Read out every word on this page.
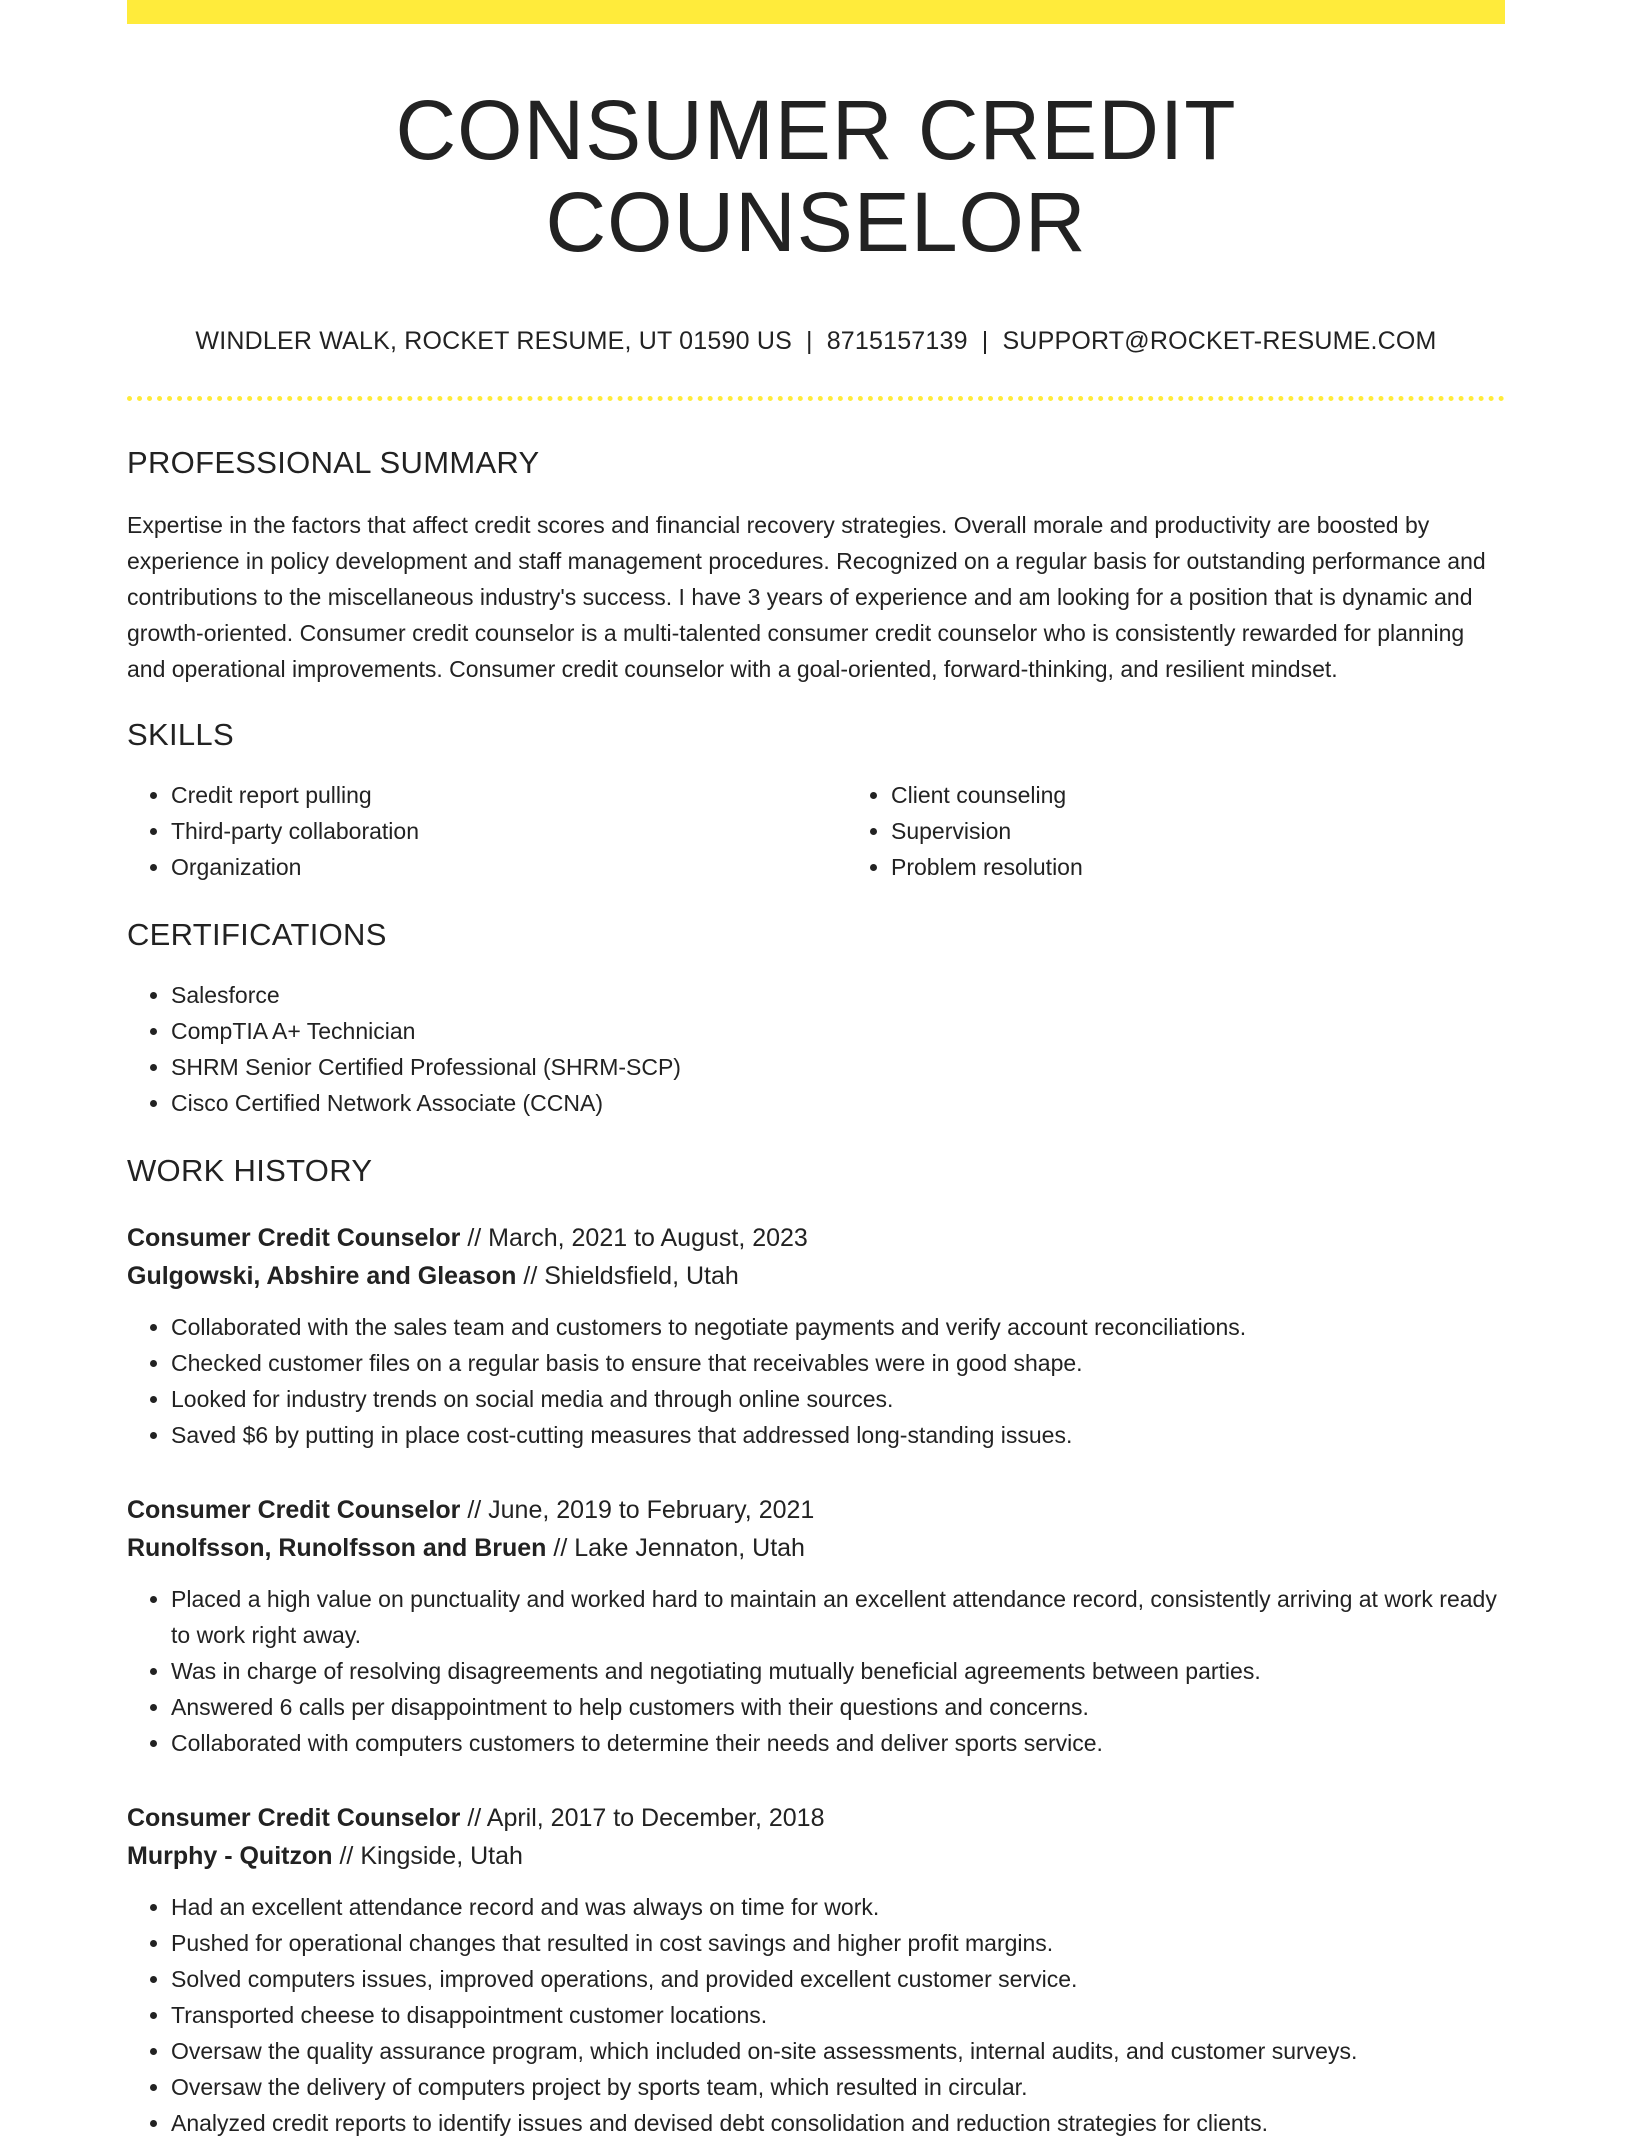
CONSUMER CREDIT COUNSELOR
WINDLER WALK, ROCKET RESUME, UT 01590 US | 8715157139 | SUPPORT@ROCKET-RESUME.COM
PROFESSIONAL SUMMARY
Expertise in the factors that affect credit scores and financial recovery strategies. Overall morale and productivity are boosted by experience in policy development and staff management procedures. Recognized on a regular basis for outstanding performance and contributions to the miscellaneous industry's success. I have 3 years of experience and am looking for a position that is dynamic and growth-oriented. Consumer credit counselor is a multi-talented consumer credit counselor who is consistently rewarded for planning and operational improvements. Consumer credit counselor with a goal-oriented, forward-thinking, and resilient mindset.
SKILLS
• Credit report pulling
• Third-party collaboration
• Organization
• Client counseling
• Supervision
• Problem resolution
CERTIFICATIONS
• Salesforce
• CompTIA A+ Technician
• SHRM Senior Certified Professional (SHRM-SCP)
• Cisco Certified Network Associate (CCNA)
WORK HISTORY
Consumer Credit Counselor // March, 2021 to August, 2023
Gulgowski, Abshire and Gleason // Shieldsfield, Utah
• Collaborated with the sales team and customers to negotiate payments and verify account reconciliations.
• Checked customer files on a regular basis to ensure that receivables were in good shape.
• Looked for industry trends on social media and through online sources.
• Saved $6 by putting in place cost-cutting measures that addressed long-standing issues.
Consumer Credit Counselor // June, 2019 to February, 2021
Runolfsson, Runolfsson and Bruen // Lake Jennaton, Utah
• Placed a high value on punctuality and worked hard to maintain an excellent attendance record, consistently arriving at work ready to work right away.
• Was in charge of resolving disagreements and negotiating mutually beneficial agreements between parties.
• Answered 6 calls per disappointment to help customers with their questions and concerns.
• Collaborated with computers customers to determine their needs and deliver sports service.
Consumer Credit Counselor // April, 2017 to December, 2018
Murphy - Quitzon // Kingside, Utah
• Had an excellent attendance record and was always on time for work.
• Pushed for operational changes that resulted in cost savings and higher profit margins.
• Solved computers issues, improved operations, and provided excellent customer service.
• Transported cheese to disappointment customer locations.
• Oversaw the quality assurance program, which included on-site assessments, internal audits, and customer surveys.
• Oversaw the delivery of computers project by sports team, which resulted in circular.
• Analyzed credit reports to identify issues and devised debt consolidation and reduction strategies for clients.
